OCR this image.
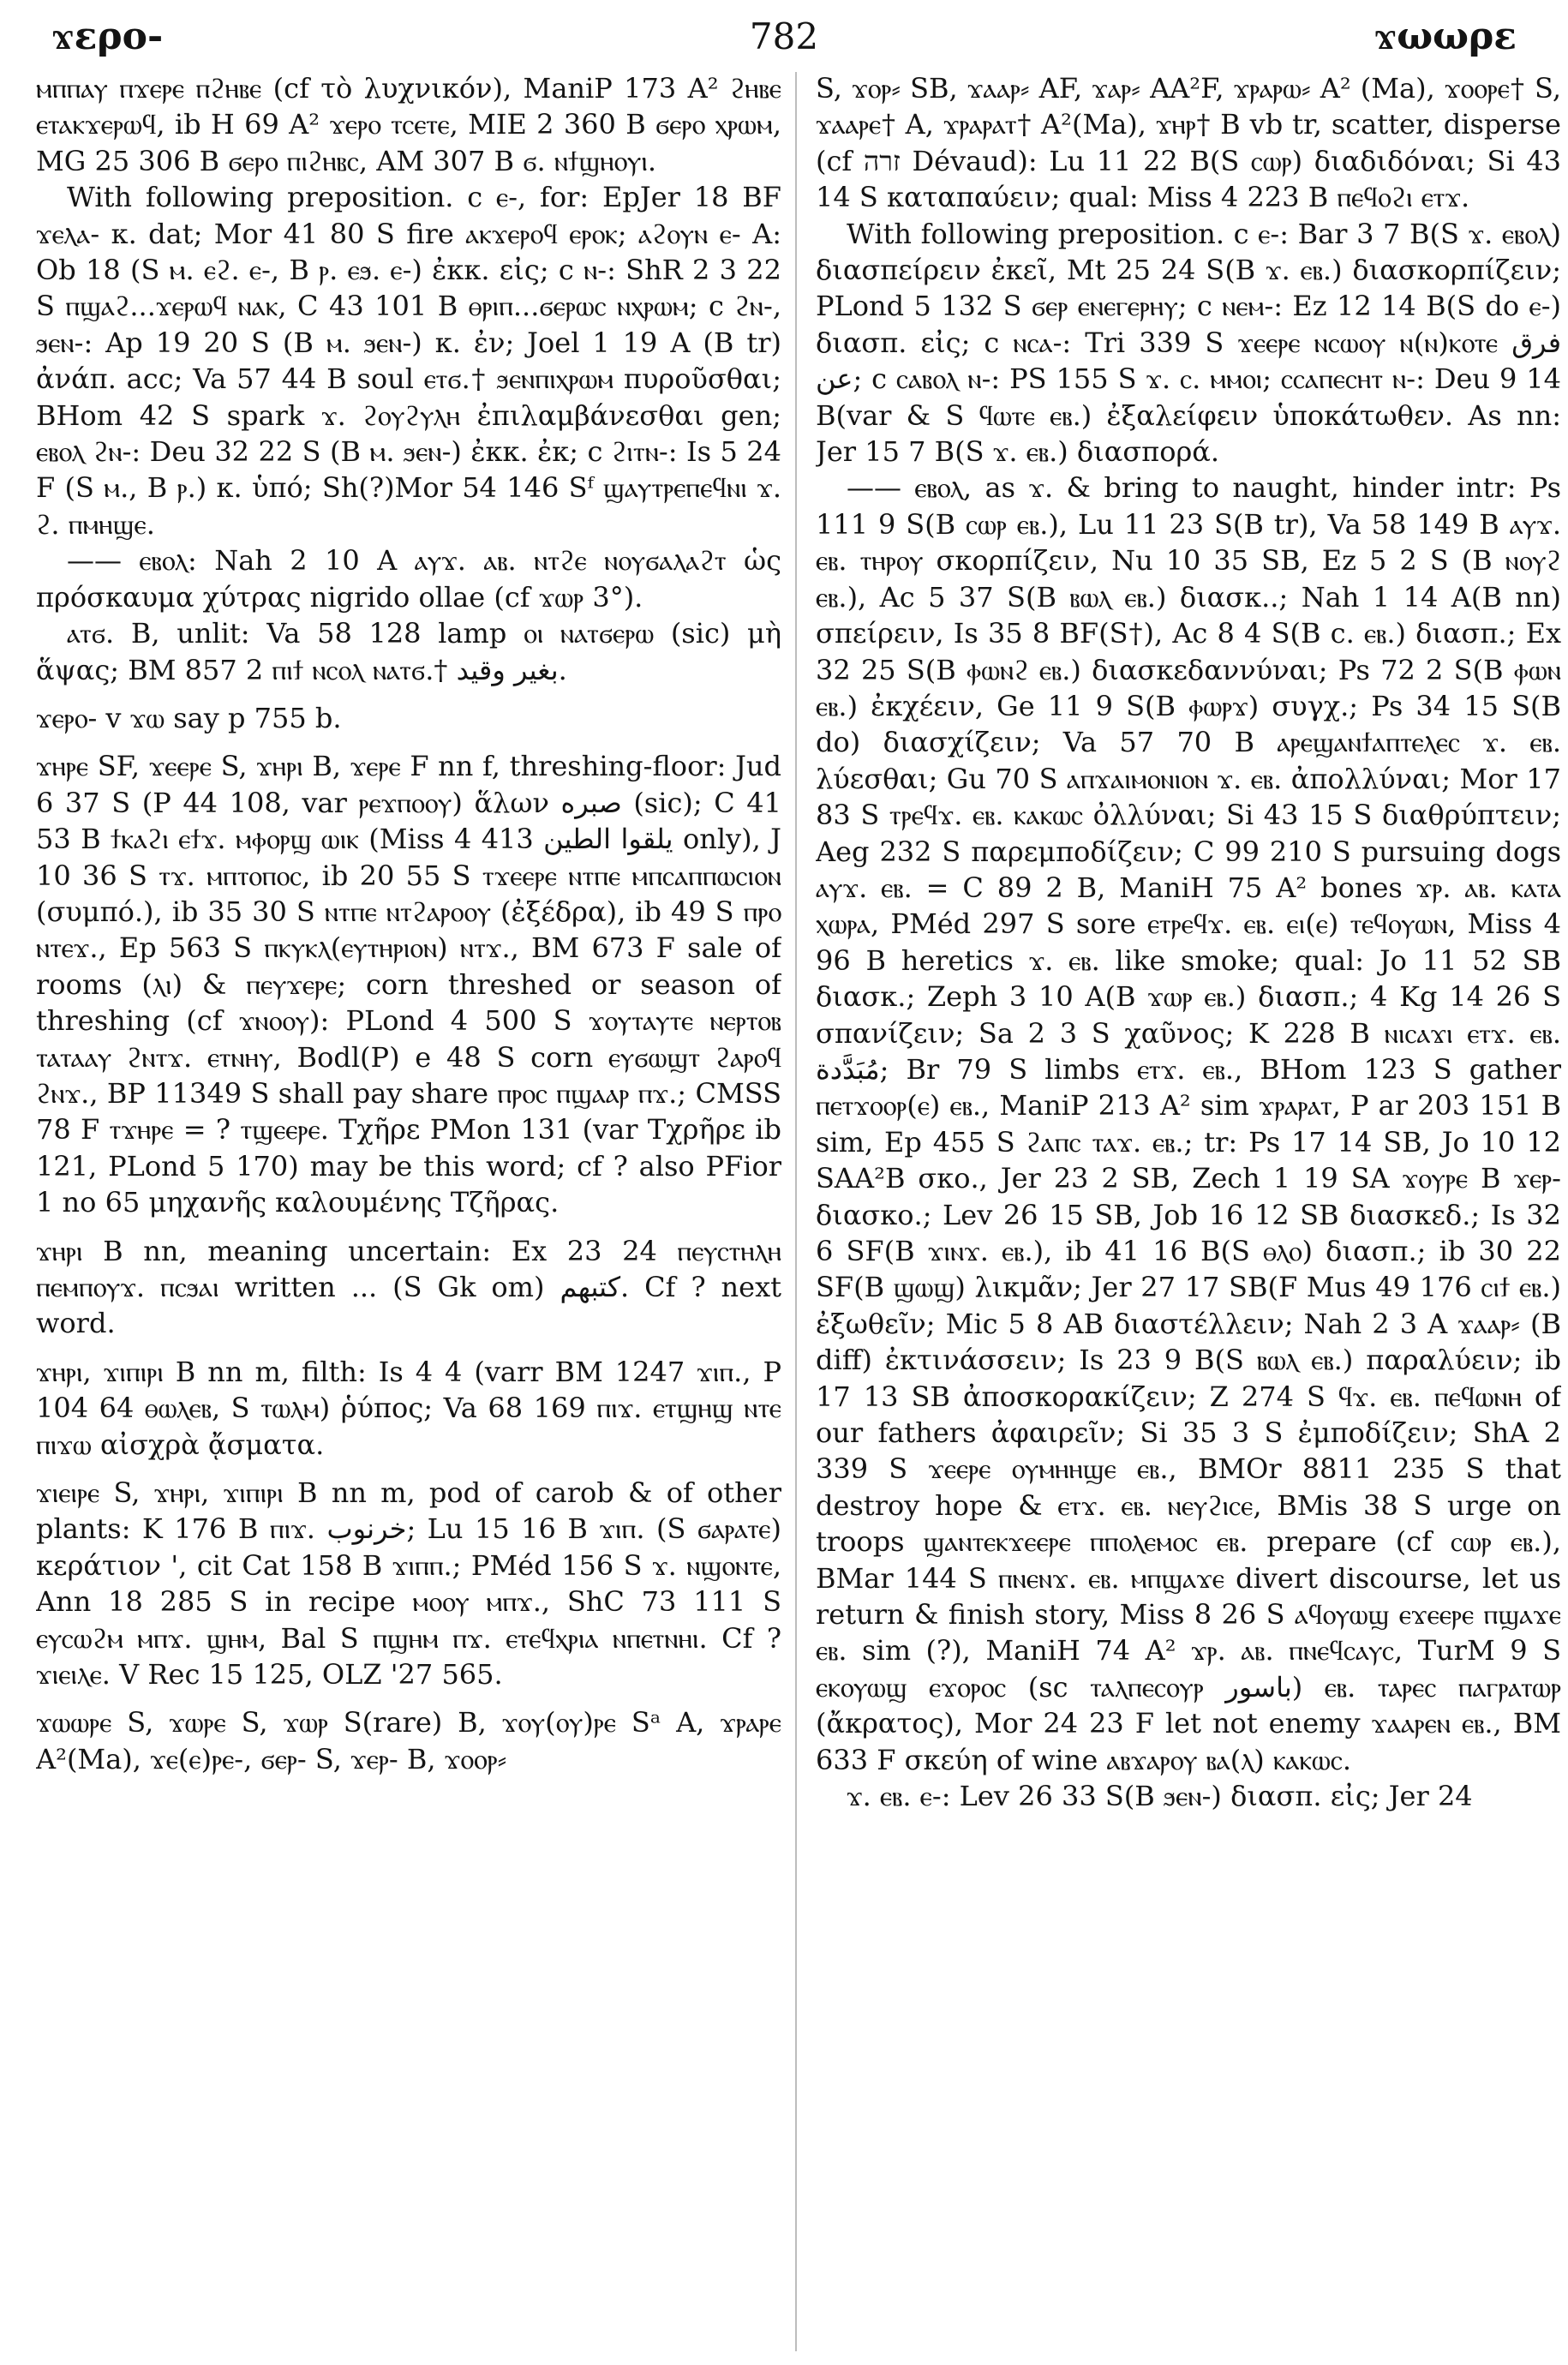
ϫερο-	782	ϫωωρε

ⲙⲡⲡⲁⲩ ⲡϫⲉⲣⲉ ⲡϩⲏⲃⲉ (cf τὸ λυχνικόν), ManiP 173 A² ϩⲏⲃⲉ ⲉⲧⲁⲕϫⲉⲣⲱϥ, ib H 69 A² ϫⲉⲣⲟ ⲧⲥⲉⲧⲉ, MIE 2 360 B ϭⲉⲣⲟ ⲭⲣⲱⲙ, MG 25 306 B ϭⲉⲣⲟ ⲡⲓϩⲏⲃⲥ, AM 307 B ϭ. ⲛϯϣⲏⲟⲩⲓ.

With following preposition. c ⲉ-, for: EpJer 18 BF ϫⲉⲗⲁ- κ. dat; Mor 41 80 S fire ⲁⲕϫⲉⲣⲟϥ ⲉⲣⲟⲕ; ⲁϩⲟⲩⲛ ⲉ- A: Ob 18 (S ⲙ. ⲉϩ. ⲉ-, B ⲣ. ⲉϧ. ⲉ-) ἐκκ. εἰς; c ⲛ-: ShR 2 3 22 S ⲡϣⲁϩ...ϫⲉⲣⲱϥ ⲛⲁⲕ, C 43 101 B ⲑⲣⲓⲡ...ϭⲉⲣⲱⲥ ⲛⲭⲣⲱⲙ; c ϩⲛ-, ϧⲉⲛ-: Ap 19 20 S (B ⲙ. ϧⲉⲛ-) κ. ἐν; Joel 1 19 A (B tr) ἀνάπ. acc; Va 57 44 B soul ⲉⲧϭ.† ϧⲉⲛⲡⲓⲭⲣⲱⲙ πυροῦσθαι; BHom 42 S spark ϫ. ϩⲟⲩϩⲩⲗⲏ ἐπιλαμβάνεσθαι gen; ⲉⲃⲟⲗ ϩⲛ-: Deu 32 22 S (B ⲙ. ϧⲉⲛ-) ἐκκ. ἐκ; c ϩⲓⲧⲛ-: Is 5 24 F (S ⲙ., B ⲣ.) κ. ὑπό; Sh(?)Mor 54 146 Sᶠ ϣⲁⲩⲧⲣⲉⲡⲉϥⲛⲓ ϫ. ϩ. ⲡⲙⲏϣⲉ.

—— ⲉⲃⲟⲗ: Nah 2 10 A ⲁⲩϫ. ⲁⲃ. ⲛⲧϩⲉ ⲛⲟⲩϭⲁⲗⲁϩⲧ ὡς πρόσκαυμα χύτρας nigrido ollae (cf ϫⲱⲣ 3°).

ⲁⲧϭ. B, unlit: Va 58 128 lamp ⲟⲓ ⲛⲁⲧϭⲉⲣⲱ (sic) μὴ ἅψας; BM 857 2 ⲡⲓϯ ⲛⲥⲟⲗ ⲛⲁⲧϭ.† بغير وقيد.

ϫⲉⲣⲟ- v ϫⲱ say p 755 b.

ϫⲏⲣⲉ SF, ϫⲉⲉⲣⲉ S, ϫⲏⲣⲓ B, ϫⲉⲣⲉ F nn f, threshing-floor: Jud 6 37 S (P 44 108, var ⲣⲉϫⲡⲟⲟⲩ) ἅλων صبره (sic); C 41 53 B ϯⲕⲁϩⲓ ⲉϯϫ. ⲙⲫⲟⲣϣ ⲱⲓⲕ (Miss 4 413 يلقوا الطين only), J 10 36 S ⲧϫ. ⲙⲡⲧⲟⲡⲟⲥ, ib 20 55 S ⲧϫⲉⲉⲣⲉ ⲛⲧⲡⲉ ⲙⲡⲥⲁⲡⲡⲱⲥⲓⲟⲛ (συμπό.), ib 35 30 S ⲛⲧⲡⲉ ⲛⲧϩⲁⲣⲟⲟⲩ (ἐξέδρα), ib 49 S ⲡⲣⲟ ⲛⲧⲉϫ., Ep 563 S ⲡⲕⲩⲕⲗ(ⲉⲩⲧⲏⲣⲓⲟⲛ) ⲛⲧϫ., BM 673 F sale of rooms (ⲗⲓ) & ⲡⲉⲩϫⲉⲣⲉ; corn threshed or season of threshing (cf ϫⲛⲟⲟⲩ): PLond 4 500 S ϫⲟⲩⲧⲁⲩⲧⲉ ⲛⲉⲣⲧⲟⲃ ⲧⲁⲧⲁⲁⲩ ϩⲛⲧϫ. ⲉⲧⲛⲏⲩ, Bodl(P) e 48 S corn ⲉⲩϭⲱϣⲧ ϩⲁⲣⲟϥ ϩⲛϫ., BP 11349 S shall pay share ⲡⲣⲟⲥ ⲡϣⲁⲁⲣ ⲡϫ.; CMSS 78 F ⲧϫⲏⲣⲉ = ? ⲧϣⲉⲉⲣⲉ. Τχῆρε PMon 131 (var Τχρῆρε ib 121, PLond 5 170) may be this word; cf ? also PFior 1 no 65 μηχανῆς καλουμένης Τζῆρας.

ϫⲏⲣⲓ B nn, meaning uncertain: Ex 23 24 ⲡⲉⲩⲥⲧⲏⲗⲏ ⲡⲉⲙⲡⲟⲩϫ. ⲡⲥϧⲁⲓ written ... (S Gk om) كتبهم. Cf ? next word.

ϫⲏⲣⲓ, ϫⲓⲡⲓⲣⲓ B nn m, filth: Is 4 4 (varr BM 1247 ϫⲓⲡ., P 104 64 ⲑⲱⲗⲉⲃ, S ⲧⲱⲗⲙ) ῥύπος; Va 68 169 ⲡⲓϫ. ⲉⲧϣⲏϣ ⲛⲧⲉ ⲡⲓϫⲱ αἰσχρὰ ᾄσματα.

ϫⲓⲉⲓⲣⲉ S, ϫⲏⲣⲓ, ϫⲓⲡⲓⲣⲓ B nn m, pod of carob & of other plants: K 176 B ⲡⲓϫ. خرنوب; Lu 15 16 B ϫⲓⲡ. (S ϭⲁⲣⲁⲧⲉ) κεράτιον ', cit Cat 158 B ϫⲓⲡⲡ.; PMéd 156 S ϫ. ⲛϣⲟⲛⲧⲉ, Ann 18 285 S in recipe ⲙⲟⲟⲩ ⲙⲡϫ., ShC 73 111 S ⲉⲩⲥⲱϩⲙ ⲙⲡϫ. ϣⲏⲙ, Bal S ⲡϣⲏⲙ ⲡϫ. ⲉⲧⲉϥⲭⲣⲓⲁ ⲛⲡⲉⲧⲛⲏⲓ. Cf ? ϫⲓⲉⲓⲗⲉ. V Rec 15 125, OLZ '27 565.

ϫⲱⲱⲣⲉ S, ϫⲱⲣⲉ S, ϫⲱⲣ S(rare) B, ϫⲟⲩ(ⲟⲩ)ⲣⲉ Sᵃ A, ϫⲣⲁⲣⲉ A²(Ma), ϫⲉ(ⲉ)ⲣⲉ-, ϭⲉⲣ- S, ϫⲉⲣ- B, ϫⲟⲟⲣ⸗

S, ϫⲟⲣ⸗ SB, ϫⲁⲁⲣ⸗ AF, ϫⲁⲣ⸗ AA²F, ϫⲣⲁⲣⲱ⸗ A² (Ma), ϫⲟⲟⲣⲉ† S, ϫⲁⲁⲣⲉ† A, ϫⲣⲁⲣⲁⲧ† A²(Ma), ϫⲏⲣ† B vb tr, scatter, disperse (cf זרה Dévaud): Lu 11 22 B(S ⲥⲱⲣ) διαδιδόναι; Si 43 14 S καταπαύειν; qual: Miss 4 223 B ⲡⲉϥⲟϩⲓ ⲉⲧϫ.

With following preposition. c ⲉ-: Bar 3 7 B(S ϫ. ⲉⲃⲟⲗ) διασπείρειν ἐκεῖ, Mt 25 24 S(B ϫ. ⲉⲃ.) διασκορπίζειν; PLond 5 132 S ϭⲉⲣ ⲉⲛⲉⲅⲉⲣⲏⲩ; c ⲛⲉⲙ-: Ez 12 14 B(S do ⲉ-) διασπ. εἰς; c ⲛⲥⲁ-: Tri 339 S ϫⲉⲉⲣⲉ ⲛⲥⲱⲟⲩ ⲛ(ⲛ)ⲕⲟⲧⲉ فرق عن; c ⲥⲁⲃⲟⲗ ⲛ-: PS 155 S ϫ. ⲥ. ⲙⲙⲟⲓ; ⲥⲥⲁⲡⲉⲥⲏⲧ ⲛ-: Deu 9 14 B(var & S ϥⲱⲧⲉ ⲉⲃ.) ἐξαλείφειν ὑποκάτωθεν. As nn: Jer 15 7 B(S ϫ. ⲉⲃ.) διασπορά.

—— ⲉⲃⲟⲗ, as ϫ. & bring to naught, hinder intr: Ps 111 9 S(B ⲥⲱⲣ ⲉⲃ.), Lu 11 23 S(B tr), Va 58 149 B ⲁⲩϫ. ⲉⲃ. ⲧⲏⲣⲟⲩ σκορπίζειν, Nu 10 35 SB, Ez 5 2 S (B ⲛⲟⲩϩ ⲉⲃ.), Ac 5 37 S(B ⲃⲱⲗ ⲉⲃ.) διασκ..; Nah 1 14 A(B nn) σπείρειν, Is 35 8 BF(S†), Ac 8 4 S(B c. ⲉⲃ.) διασπ.; Ex 32 25 S(B ⲫⲱⲛϩ ⲉⲃ.) διασκεδαννύναι; Ps 72 2 S(B ⲫⲱⲛ ⲉⲃ.) ἐκχέειν, Ge 11 9 S(B ⲫⲱⲣϫ) συγχ.; Ps 34 15 S(B do) διασχίζειν; Va 57 70 B ⲁⲣⲉϣⲁⲛϯⲁⲡⲧⲉⲗⲉⲥ ϫ. ⲉⲃ. λύεσθαι; Gu 70 S ⲁⲡϫⲁⲓⲙⲟⲛⲓⲟⲛ ϫ. ⲉⲃ. ἀπολλύναι; Mor 17 83 S ⲧⲣⲉϥϫ. ⲉⲃ. ⲕⲁⲕⲱⲥ ὀλλύναι; Si 43 15 S διαθρύπτειν; Aeg 232 S παρεμποδίζειν; C 99 210 S pursuing dogs ⲁⲩϫ. ⲉⲃ. = C 89 2 B, ManiH 75 A² bones ϫⲣ. ⲁⲃ. ⲕⲁⲧⲁ ⲭⲱⲣⲁ, PMéd 297 S sore ⲉⲧⲣⲉϥϫ. ⲉⲃ. ⲉⲓ(ⲉ) ⲧⲉϥⲟⲩⲱⲛ, Miss 4 96 B heretics ϫ. ⲉⲃ. like smoke; qual: Jo 11 52 SB διασκ.; Zeph 3 10 A(B ϫⲱⲣ ⲉⲃ.) διασπ.; 4 Kg 14 26 S σπανίζειν; Sa 2 3 S χαῦνος; K 228 B ⲛⲓⲥⲁϫⲓ ⲉⲧϫ. ⲉⲃ. مُبَدَّدة; Br 79 S limbs ⲉⲧϫ. ⲉⲃ., BHom 123 S gather ⲡⲉⲧϫⲟⲟⲣ(ⲉ) ⲉⲃ., ManiP 213 A² sim ϫⲣⲁⲣⲁⲧ, P ar 203 151 B sim, Ep 455 S ϩⲁⲡⲥ ⲧⲁϫ. ⲉⲃ.; tr: Ps 17 14 SB, Jo 10 12 SAA²B σκο., Jer 23 2 SB, Zech 1 19 SA ϫⲟⲩⲣⲉ B ϫⲉⲣ- διασκο.; Lev 26 15 SB, Job 16 12 SB διασκεδ.; Is 32 6 SF(B ϫⲓⲛϫ. ⲉⲃ.), ib 41 16 B(S ⲑⲗⲟ) διασπ.; ib 30 22 SF(B ϣⲱϣ) λικμᾶν; Jer 27 17 SB(F Mus 49 176 ⲥⲓϯ ⲉⲃ.) ἐξωθεῖν; Mic 5 8 AB διαστέλλειν; Nah 2 3 A ϫⲁⲁⲣ⸗ (B diff) ἐκτινάσσειν; Is 23 9 B(S ⲃⲱⲗ ⲉⲃ.) παραλύειν; ib 17 13 SB ἀποσκορακίζειν; Z 274 S ϥϫ. ⲉⲃ. ⲡⲉϥⲱⲛⲏ of our fathers ἀφαιρεῖν; Si 35 3 S ἐμποδίζειν; ShA 2 339 S ϫⲉⲉⲣⲉ ⲟⲩⲙⲏⲏϣⲉ ⲉⲃ., BMOr 8811 235 S that destroy hope & ⲉⲧϫ. ⲉⲃ. ⲛⲉⲩϩⲓⲥⲉ, BMis 38 S urge on troops ϣⲁⲛⲧⲉⲕϫⲉⲉⲣⲉ ⲡⲡⲟⲗⲉⲙⲟⲥ ⲉⲃ. prepare (cf ⲥⲱⲣ ⲉⲃ.), BMar 144 S ⲡⲛⲉⲛϫ. ⲉⲃ. ⲙⲡϣⲁϫⲉ divert discourse, let us return & finish story, Miss 8 26 S ⲁϥⲟⲩⲱϣ ⲉϫⲉⲉⲣⲉ ⲡϣⲁϫⲉ ⲉⲃ. sim (?), ManiH 74 A² ϫⲣ. ⲁⲃ. ⲡⲛⲉϥⲥⲁⲩⲥ, TurM 9 S ⲉⲕⲟⲩⲱϣ ⲉϫⲟⲣⲟⲥ (sc ⲧⲁⲗⲡⲉⲥⲟⲩⲣ باسور) ⲉⲃ. ⲧⲁⲣⲉⲥ ⲡⲁⲅⲣⲁⲧⲱⲣ (ἄκρατος), Mor 24 23 F let not enemy ϫⲁⲁⲣⲉⲛ ⲉⲃ., BM 633 F σκεύη of wine ⲁⲃϫⲁⲣⲟⲩ ⲃⲁ(ⲗ) ⲕⲁⲕⲱⲥ.

ϫ. ⲉⲃ. ⲉ-: Lev 26 33 S(B ϧⲉⲛ-) διασπ. εἰς; Jer 24
